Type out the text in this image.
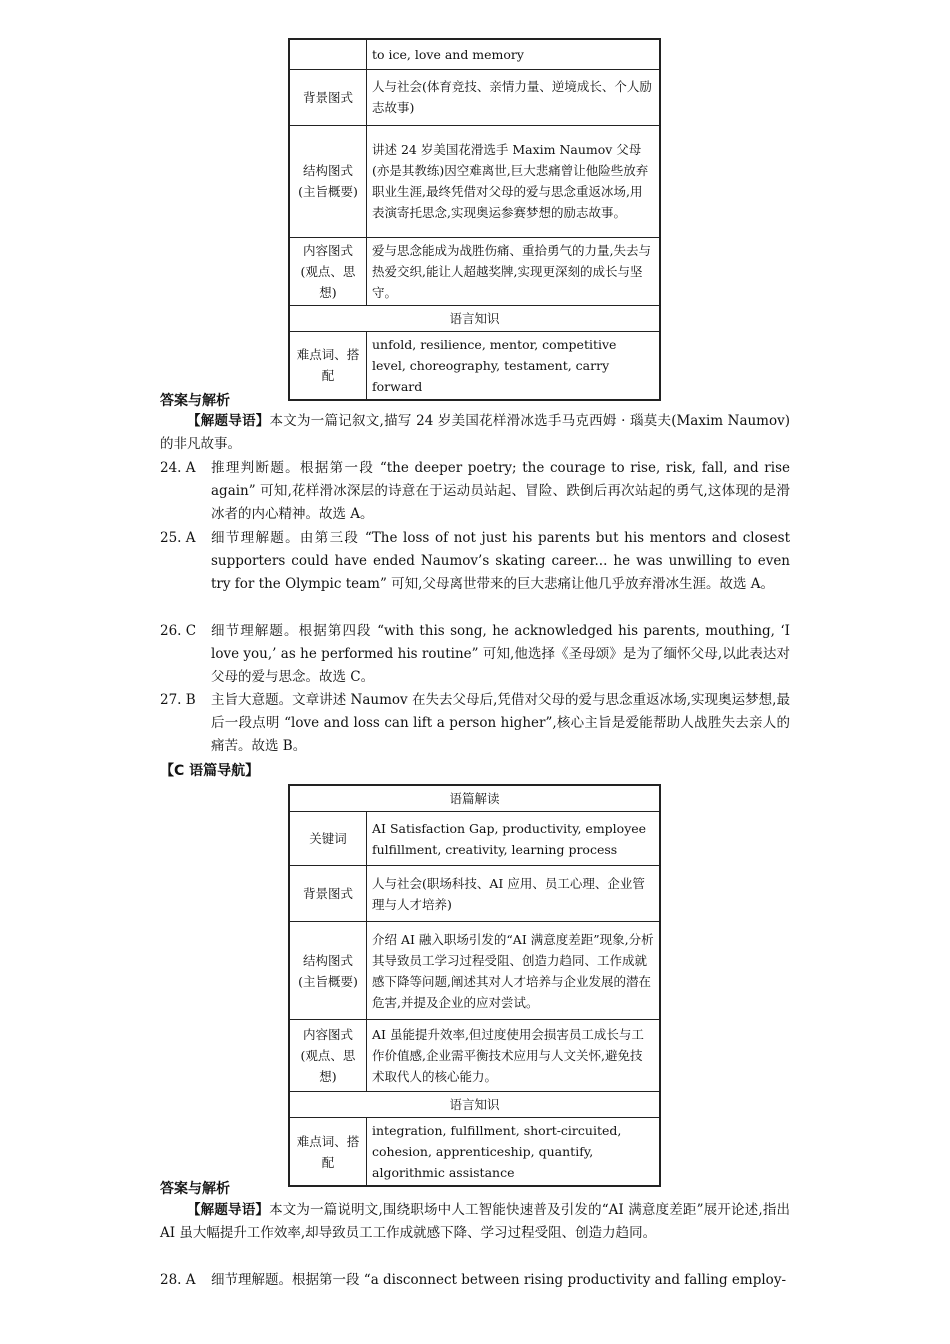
	to ice, love and memory
背景图式	人与社会(体育竞技、亲情力量、逆境成长、个人励志故事)
结构图式
(主旨概要)	讲述 24 岁美国花滑选手 Maxim Naumov 父母(亦是其教练)因空难离世,巨大悲痛曾让他险些放弃职业生涯,最终凭借对父母的爱与思念重返冰场,用表演寄托思念,实现奥运参赛梦想的励志故事。
内容图式
(观点、思想)	爱与思念能成为战胜伤痛、重拾勇气的力量,失去与热爱交织,能让人超越奖牌,实现更深刻的成长与坚守。
语言知识	
难点词、搭配	unfold, resilience, mentor, competitive level, choreography, testament, carry forward
答案与解析
【解题导语】本文为一篇记叙文,描写 24 岁美国花样滑冰选手马克西姆 · 瑙莫夫(Maxim Naumov)的非凡故事。
24. A	推理判断题。根据第一段 “the deeper poetry; the courage to rise, risk, fall, and rise again” 可知,花样滑冰深层的诗意在于运动员站起、冒险、跌倒后再次站起的勇气,这体现的是滑冰者的内心精神。故选 A。
25. A	细节理解题。由第三段 “The loss of not just his parents but his mentors and closest supporters could have ended Naumov’s skating career... he was unwilling to even try for the Olympic team” 可知,父母离世带来的巨大悲痛让他几乎放弃滑冰生涯。故选 A。
26. C	细节理解题。根据第四段 “with this song, he acknowledged his parents, mouthing, ‘I love you,’ as he performed his routine” 可知,他选择《圣母颂》是为了缅怀父母,以此表达对父母的爱与思念。故选 C。
27. B	主旨大意题。文章讲述 Naumov 在失去父母后,凭借对父母的爱与思念重返冰场,实现奥运梦想,最后一段点明 “love and loss can lift a person higher”,核心主旨是爱能帮助人战胜失去亲人的痛苦。故选 B。
【C 语篇导航】
语篇解读	
关键词	AI Satisfaction Gap, productivity, employee fulfillment, creativity, learning process
背景图式	人与社会(职场科技、AI 应用、员工心理、企业管理与人才培养)
结构图式
(主旨概要)	介绍 AI 融入职场引发的“AI 满意度差距”现象,分析其导致员工学习过程受阻、创造力趋同、工作成就感下降等问题,阐述其对人才培养与企业发展的潜在危害,并提及企业的应对尝试。
内容图式
(观点、思想)	AI 虽能提升效率,但过度使用会损害员工成长与工作价值感,企业需平衡技术应用与人文关怀,避免技术取代人的核心能力。
语言知识	
难点词、搭配	integration, fulfillment, short-circuited, cohesion, apprenticeship, quantify, algorithmic assistance
答案与解析
【解题导语】本文为一篇说明文,围绕职场中人工智能快速普及引发的“AI 满意度差距”展开论述,指出 AI 虽大幅提升工作效率,却导致员工工作成就感下降、学习过程受阻、创造力趋同。
28. A	细节理解题。根据第一段 “a disconnect between rising productivity and falling employ-
